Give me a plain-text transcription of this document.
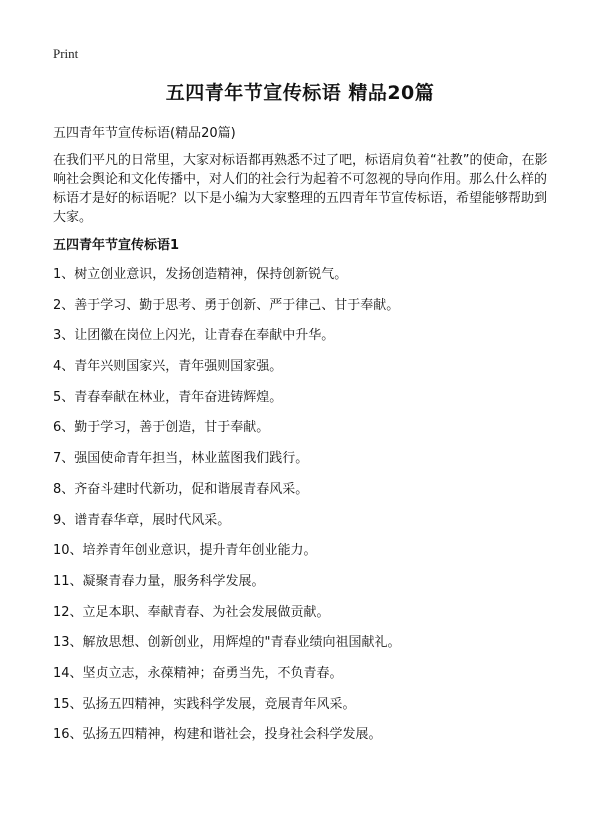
Print
五四青年节宣传标语 精品20篇
五四青年节宣传标语(精品20篇)

在我们平凡的日常里，大家对标语都再熟悉不过了吧，标语肩负着“社教”的使命，在影响社会舆论和文化传播中，对人们的社会行为起着不可忽视的导向作用。那么什么样的标语才是好的标语呢？以下是小编为大家整理的五四青年节宣传标语，希望能够帮助到大家。

五四青年节宣传标语1
1、树立创业意识，发扬创造精神，保持创新锐气。
2、善于学习、勤于思考、勇于创新、严于律己、甘于奉献。
3、让团徽在岗位上闪光，让青春在奉献中升华。
4、青年兴则国家兴，青年强则国家强。
5、青春奉献在林业，青年奋进铸辉煌。
6、勤于学习，善于创造，甘于奉献。
7、强国使命青年担当，林业蓝图我们践行。
8、齐奋斗建时代新功，促和谐展青春风采。
9、谱青春华章，展时代风采。
10、培养青年创业意识，提升青年创业能力。
11、凝聚青春力量，服务科学发展。
12、立足本职、奉献青春、为社会发展做贡献。
13、解放思想、创新创业，用辉煌的"青春业绩向祖国献礼。
14、坚贞立志，永葆精神；奋勇当先，不负青春。
15、弘扬五四精神，实践科学发展，竞展青年风采。
16、弘扬五四精神，构建和谐社会，投身社会科学发展。
